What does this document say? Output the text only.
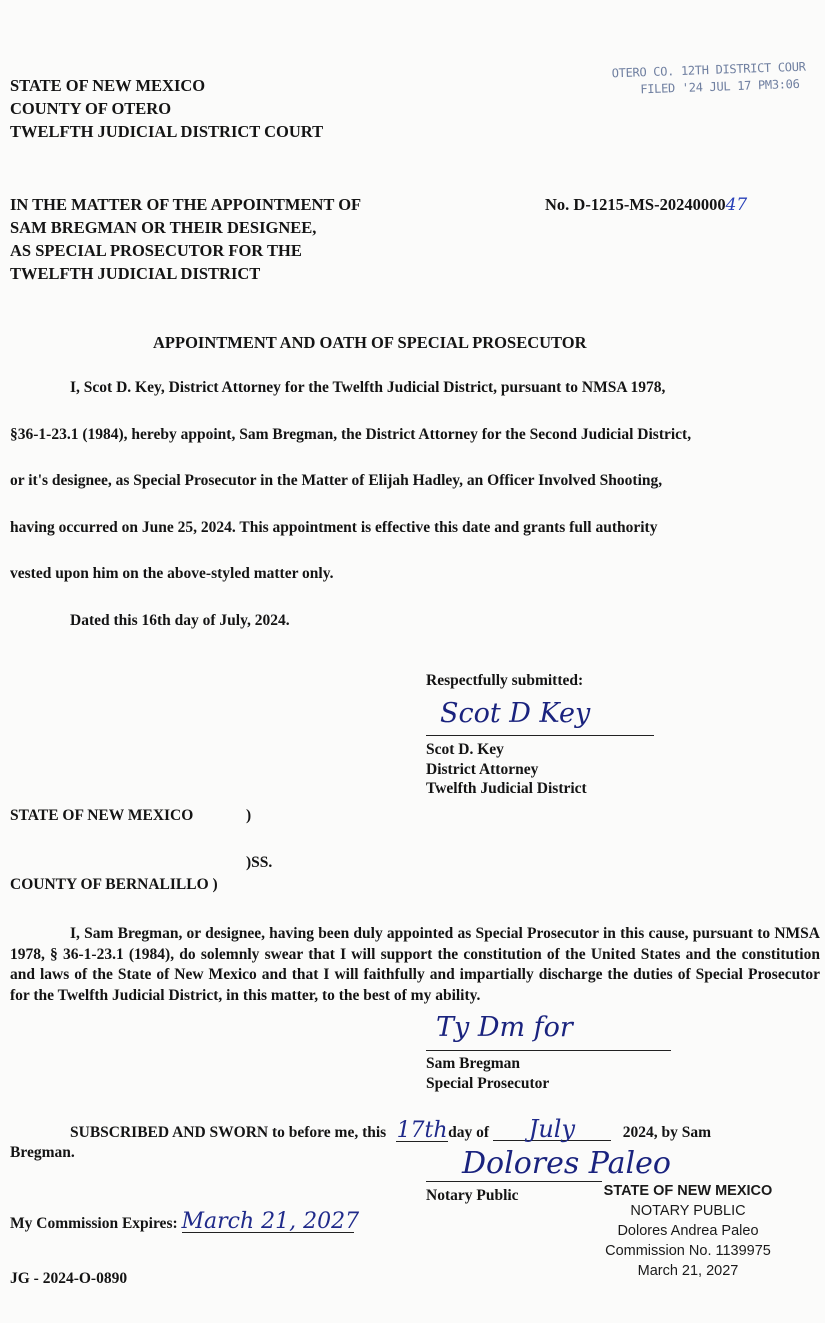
STATE OF NEW MEXICO
COUNTY OF OTERO
TWELFTH JUDICIAL DISTRICT COURT
OTERO CO. 12TH DISTRICT COUR
FILED '24 JUL 17 PM3:06
IN THE MATTER OF THE APPOINTMENT OF
SAM BREGMAN OR THEIR DESIGNEE,
AS SPECIAL PROSECUTOR FOR THE
TWELFTH JUDICIAL DISTRICT
No. D-1215-MS-2024000047
APPOINTMENT AND OATH OF SPECIAL PROSECUTOR
I, Scot D. Key, District Attorney for the Twelfth Judicial District, pursuant to NMSA 1978,
§36-1-23.1 (1984), hereby appoint, Sam Bregman, the District Attorney for the Second Judicial District,
or it's designee, as Special Prosecutor in the Matter of Elijah Hadley, an Officer Involved Shooting,
having occurred on June 25, 2024. This appointment is effective this date and grants full authority
vested upon him on the above-styled matter only.
Dated this 16th day of July, 2024.
Respectfully submitted:
Scot D Key
Scot D. Key
District Attorney
Twelfth Judicial District
STATE OF NEW MEXICO	)
)SS.
COUNTY OF BERNALILLO )
I, Sam Bregman, or designee, having been duly appointed as Special Prosecutor in this cause, pursuant to NMSA 1978, § 36-1-23.1 (1984), do solemnly swear that I will support the constitution of the United States and the constitution and laws of the State of New Mexico and that I will faithfully and impartially discharge the duties of Special Prosecutor for the Twelfth Judicial District, in this matter, to the best of my ability.
Ty Dm for
Sam Bregman
Special Prosecutor
SUBSCRIBED AND SWORN to before me, this 17thday of July	2024, by Sam
Bregman.	Dolores Paleo
Notary Public	STATE OF NEW MEXICO
NOTARY PUBLIC
Dolores Andrea Paleo
Commission No. 1139975
March 21, 2027
My Commission Expires: March 21, 2027
JG - 2024-O-0890
